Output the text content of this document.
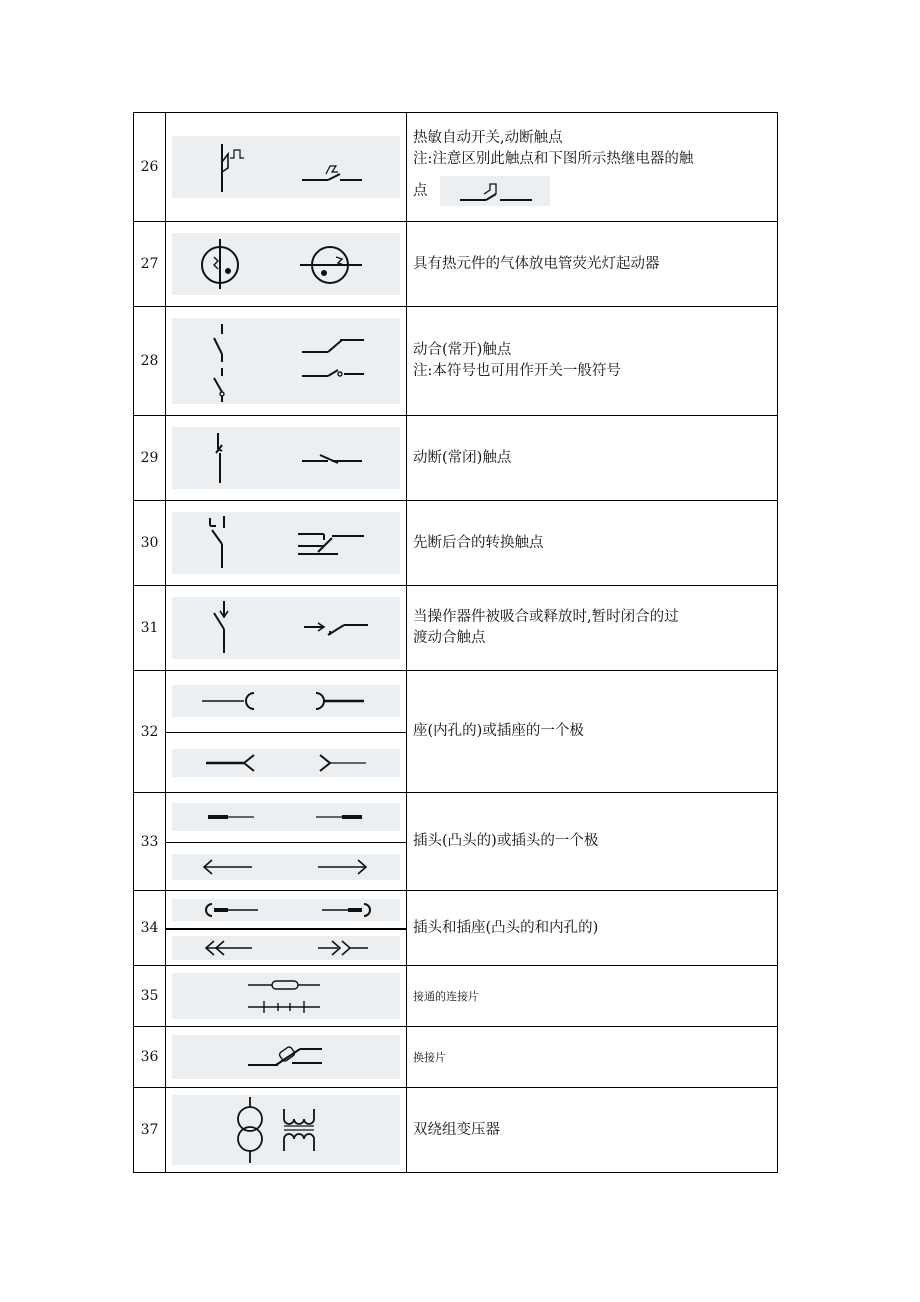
26		热敏自动开关,动断触点
注:注意区别此触点和下图所示热继电器的触
点

27		具有热元件的气体放电管荧光灯起动器
28		动合(常开)触点
注:本符号也可用作开关一般符号

29		动断(常闭)触点
30		先断后合的转换触点
31		当操作器件被吸合或释放时,暂时闭合的过
渡动合触点

32		座(内孔的)或插座的一个极
33		插头(凸头的)或插头的一个极
34		插头和插座(凸头的和内孔的)
35		接通的连接片
36		换接片
37		双绕组变压器
